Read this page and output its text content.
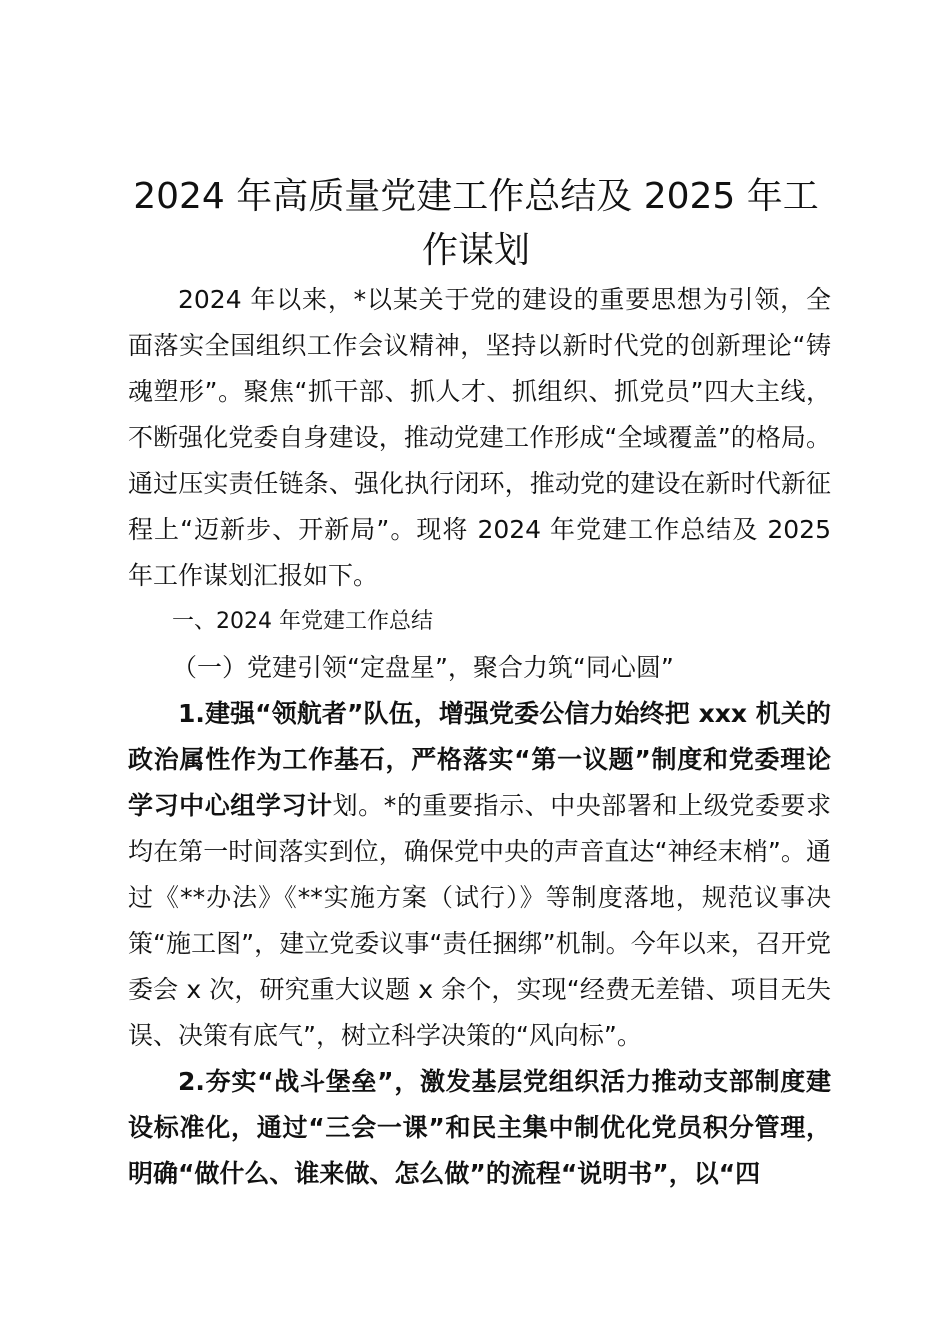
2024 年高质量党建工作总结及 2025 年工作谋划

2024 年以来，*以某关于党的建设的重要思想为引领，全面落实全国组织工作会议精神，坚持以新时代党的创新理论“铸魂塑形”。聚焦“抓干部、抓人才、抓组织、抓党员”四大主线，不断强化党委自身建设，推动党建工作形成“全域覆盖”的格局。通过压实责任链条、强化执行闭环，推动党的建设在新时代新征程上“迈新步、开新局”。现将 2024 年党建工作总结及 2025 年工作谋划汇报如下。

一、2024 年党建工作总结

（一）党建引领“定盘星”，聚合力筑“同心圆”

1.建强“领航者”队伍，增强党委公信力始终把 xxx 机关的政治属性作为工作基石，严格落实“第一议题”制度和党委理论学习中心组学习计划。*的重要指示、中央部署和上级党委要求均在第一时间落实到位，确保党中央的声音直达“神经末梢”。通过《**办法》《**实施方案（试行）》等制度落地，规范议事决策“施工图”，建立党委议事“责任捆绑”机制。今年以来，召开党委会 x 次，研究重大议题 x 余个，实现“经费无差错、项目无失误、决策有底气”，树立科学决策的“风向标”。

2.夯实“战斗堡垒”，激发基层党组织活力推动支部制度建设标准化，通过“三会一课”和民主集中制优化党员积分管理，明确“做什么、谁来做、怎么做”的流程“说明书”，以“四
